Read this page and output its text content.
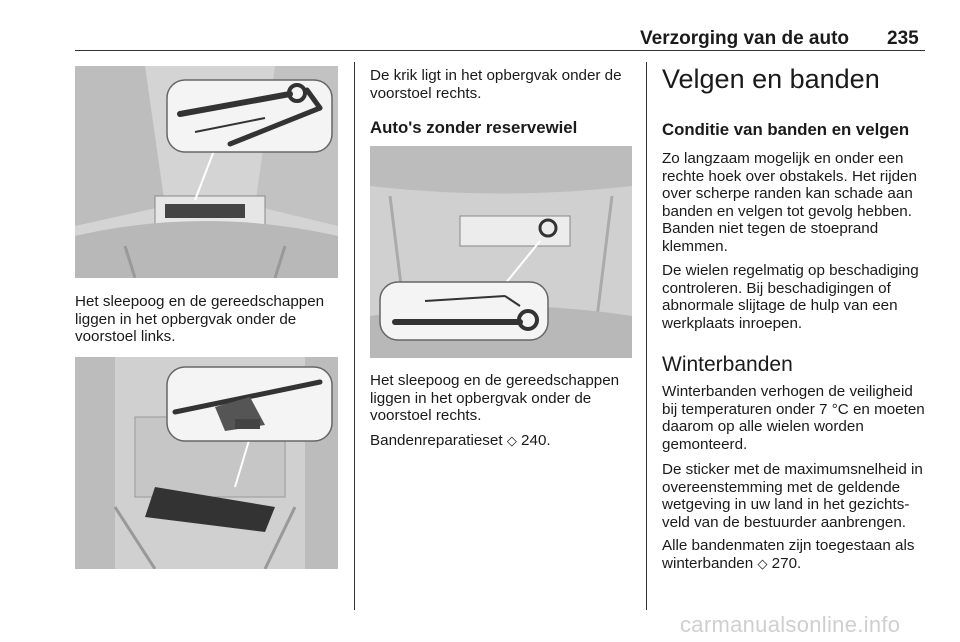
Verzorging van de auto 235

Het sleepoog en de gereedschappen liggen in het opbergvak onder de voorstoel links.

De krik ligt in het opbergvak onder de voorstoel rechts.

Auto's zonder reservewiel

Het sleepoog en de gereedschappen liggen in het opbergvak onder de voorstoel rechts.

Bandenreparatieset ◇ 240.

Velgen en banden
Conditie van banden en velgen

Zo langzaam mogelijk en onder een rechte hoek over obstakels. Het rijden over scherpe randen kan schade aan banden en velgen tot gevolg hebben. Banden niet tegen de stoeprand klemmen.

De wielen regelmatig op beschadiging controleren. Bij beschadigingen of abnormale slijtage de hulp van een werkplaats inroepen.

Winterbanden

Winterbanden verhogen de veiligheid bij temperaturen onder 7 °C en moeten daarom op alle wielen worden gemonteerd.

De sticker met de maximumsnelheid in overeenstemming met de geldende wetgeving in uw land in het gezichtsveld van de bestuurder aanbrengen.

Alle bandenmaten zijn toegestaan als winterbanden ◇ 270.

carmanualsonline.info
